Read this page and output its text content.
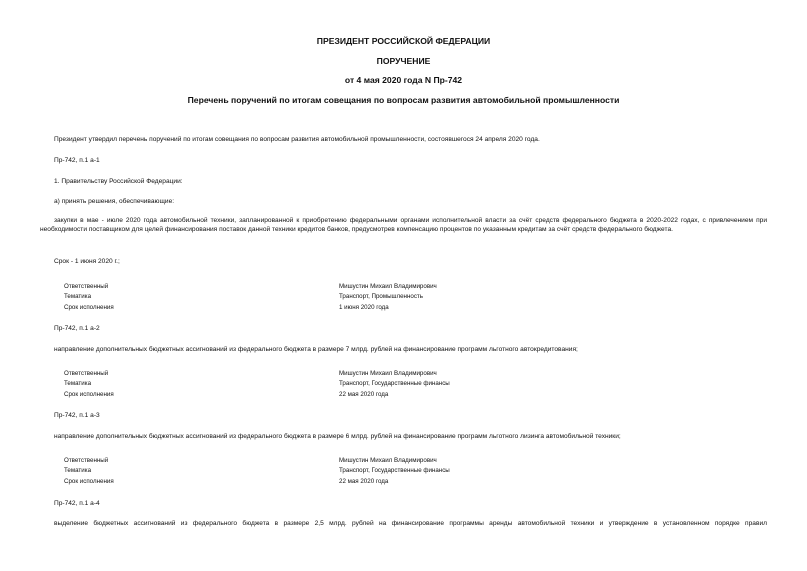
ПРЕЗИДЕНТ РОССИЙСКОЙ ФЕДЕРАЦИИ
ПОРУЧЕНИЕ
от 4 мая 2020 года N Пр-742
Перечень поручений по итогам совещания по вопросам развития автомобильной промышленности
Президент утвердил перечень поручений по итогам совещания по вопросам развития автомобильной промышленности, состоявшегося 24 апреля 2020 года.
Пр-742, п.1 а-1
1. Правительству Российской Федерации:
а) принять решения, обеспечивающие:
закупки в мае - июле 2020 года автомобильной техники, запланированной к приобретению федеральными органами исполнительной власти за счёт средств федерального бюджета в 2020-2022 годах, с привлечением при необходимости поставщиком для целей финансирования поставок данной техники кредитов банков, предусмотрев компенсацию процентов по указанным кредитам за счёт средств федерального бюджета.
Срок - 1 июня 2020 г.;
Ответственный	Мишустин Михаил Владимирович
Тематика	Транспорт, Промышленность
Срок исполнения	1 июня 2020 года
Пр-742, п.1 а-2
направление дополнительных бюджетных ассигнований из федерального бюджета в размере 7 млрд. рублей на финансирование программ льготного автокредитования;
Ответственный	Мишустин Михаил Владимирович
Тематика	Транспорт, Государственные финансы
Срок исполнения	22 мая 2020 года
Пр-742, п.1 а-3
направление дополнительных бюджетных ассигнований из федерального бюджета в размере 6 млрд. рублей на финансирование программ льготного лизинга автомобильной техники;
Ответственный	Мишустин Михаил Владимирович
Тематика	Транспорт, Государственные финансы
Срок исполнения	22 мая 2020 года
Пр-742, п.1 а-4
выделение бюджетных ассигнований из федерального бюджета в размере 2,5 млрд. рублей на финансирование программы аренды автомобильной техники и утверждение в установленном порядке правил
